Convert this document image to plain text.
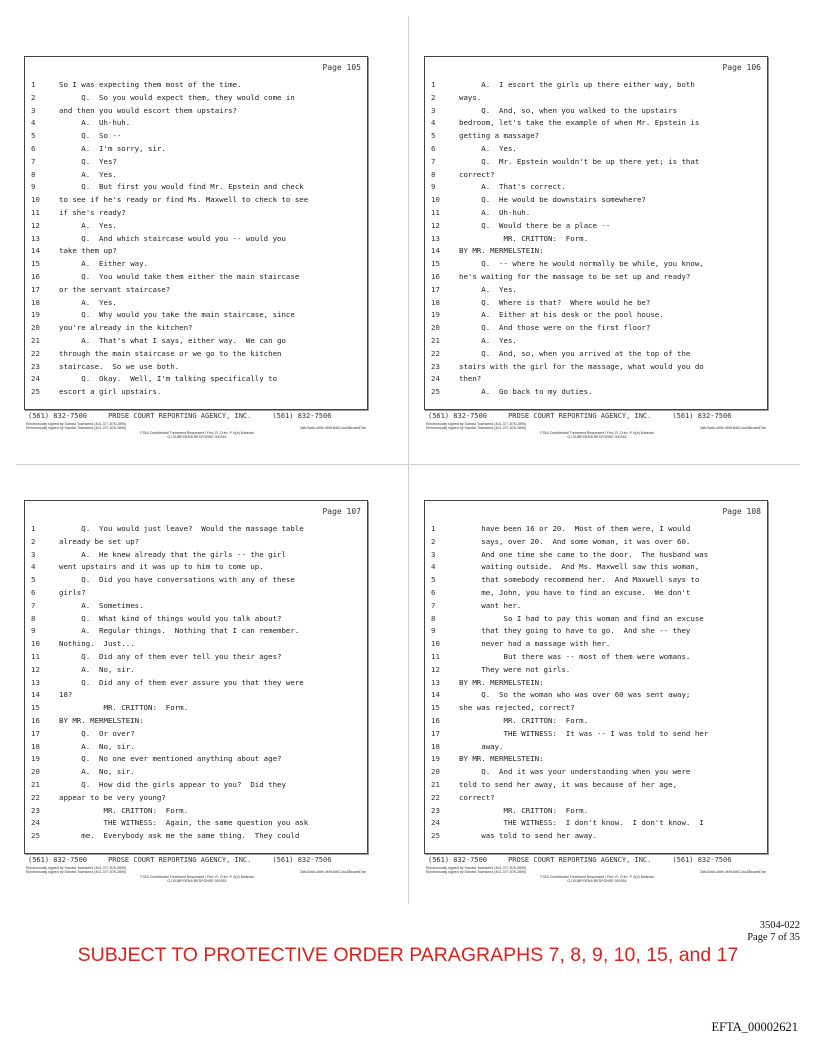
Page 105
1	So I was expecting them most of the time.
2	Q.  So you would expect them, they would come in
3	and then you would escort them upstairs?
4	A.  Uh-huh.
5	Q.  So --
6	A.  I'm sorry, sir.
7	Q.  Yes?
8	A.  Yes.
9	Q.  But first you would find Mr. Epstein and check
10	to see if he's ready or find Ms. Maxwell to check to see
11	if she's ready?
12	A.  Yes.
13	Q.  And which staircase would you -- would you
14	take them up?
15	A.  Either way.
16	Q.  You would take them either the main staircase
17	or the servant staircase?
18	A.  Yes.
19	Q.  Why would you take the main staircase, since
20	you're already in the kitchen?
21	A.  That's what I says, either way.  We can go
22	through the main staircase or we go to the kitchen
23	staircase.  So we use both.
24	Q.  Okay.  Well, I'm talking specifically to
25	escort a girl upstairs.
(561) 832-7500     PROSE COURT REPORTING AGENCY, INC.     (561) 832-7506
Electronically signed by Sandra Townsend (401-377-676-2890)
Electronically signed by Sandra Townsend (401-377-676-2890)	3afc3ca6-c89e-4b9f-8d01-ba28bcae87de
FOIA Confidential Treatment Requested / Fed. R. Crim. P. 6(e) Material
GJ SUBPOENA RESPONSE 000361
Page 106
1	A.  I escort the girls up there either way, both
2	ways.
3	Q.  And, so, when you walked to the upstairs
4	bedroom, let's take the example of when Mr. Epstein is
5	getting a massage?
6	A.  Yes.
7	Q.  Mr. Epstein wouldn't be up there yet; is that
8	correct?
9	A.  That's correct.
10	Q.  He would be downstairs somewhere?
11	A.  Uh-huh.
12	Q.  Would there be a place --
13	MR. CRITTON:  Form.
14	BY MR. MERMELSTEIN:
15	Q.  -- where he would normally be while, you know,
16	he's waiting for the massage to be set up and ready?
17	A.  Yes.
18	Q.  Where is that?  Where would he be?
19	A.  Either at his desk or the pool house.
20	Q.  And those were on the first floor?
21	A.  Yes.
22	Q.  And, so, when you arrived at the top of the
23	stairs with the girl for the massage, what would you do
24	then?
25	A.  Go back to my duties.
(561) 832-7500     PROSE COURT REPORTING AGENCY, INC.     (561) 832-7506
Electronically signed by Sandra Townsend (401-377-676-2890)
Electronically signed by Sandra Townsend (401-377-676-2890)	3afc3ca6-c89e-4b9f-8d01-ba28bcae87de
FOIA Confidential Treatment Requested / Fed. R. Crim. P. 6(e) Material
GJ SUBPOENA RESPONSE 000362
Page 107
1	Q.  You would just leave?  Would the massage table
2	already be set up?
3	A.  He knew already that the girls -- the girl
4	went upstairs and it was up to him to come up.
5	Q.  Did you have conversations with any of these
6	girls?
7	A.  Sometimes.
8	Q.  What kind of things would you talk about?
9	A.  Regular things.  Nothing that I can remember.
10	Nothing.  Just...
11	Q.  Did any of them ever tell you their ages?
12	A.  No, sir.
13	Q.  Did any of them ever assure you that they were
14	18?
15	MR. CRITTON:  Form.
16	BY MR. MERMELSTEIN:
17	Q.  Or over?
18	A.  No, sir.
19	Q.  No one ever mentioned anything about age?
20	A.  No, sir.
21	Q.  How did the girls appear to you?  Did they
22	appear to be very young?
23	MR. CRITTON:  Form.
24	THE WITNESS:  Again, the same question you ask
25	me.  Everybody ask me the same thing.  They could
(561) 832-7500     PROSE COURT REPORTING AGENCY, INC.     (561) 832-7506
Electronically signed by Sandra Townsend (401-377-676-2890)
Electronically signed by Sandra Townsend (401-377-676-2890)	3afc3ca6-c89e-4b9f-8d01-ba28bcae87de
FOIA Confidential Treatment Requested / Fed. R. Crim. P. 6(e) Material
GJ SUBPOENA RESPONSE 000363
Page 108
1	have been 16 or 20.  Most of them were, I would
2	says, over 20.  And some woman, it was over 60.
3	And one time she came to the door.  The husband was
4	waiting outside.  And Ms. Maxwell saw this woman,
5	that somebody recommend her.  And Maxwell says to
6	me, John, you have to find an excuse.  We don't
7	want her.
8	So I had to pay this woman and find an excuse
9	that they going to have to go.  And she -- they
10	never had a massage with her.
11	But there was -- most of them were womans.
12	They were not girls.
13	BY MR. MERMELSTEIN:
14	Q.  So the woman who was over 60 was sent away;
15	she was rejected, correct?
16	MR. CRITTON:  Form.
17	THE WITNESS:  It was -- I was told to send her
18	away.
19	BY MR. MERMELSTEIN:
20	Q.  And it was your understanding when you were
21	told to send her away, it was because of her age,
22	correct?
23	MR. CRITTON:  Form.
24	THE WITNESS:  I don't know.  I don't know.  I
25	was told to send her away.
(561) 832-7500     PROSE COURT REPORTING AGENCY, INC.     (561) 832-7506
Electronically signed by Sandra Townsend (401-377-676-2890)
Electronically signed by Sandra Townsend (401-377-676-2890)	3afc3ca6-c89e-4b9f-8d01-ba28bcae87de
FOIA Confidential Treatment Requested / Fed. R. Crim. P. 6(e) Material
GJ SUBPOENA RESPONSE 000364
3504-022
Page 7 of 35
SUBJECT TO PROTECTIVE ORDER PARAGRAPHS 7, 8, 9, 10, 15, and 17
EFTA_00002621
